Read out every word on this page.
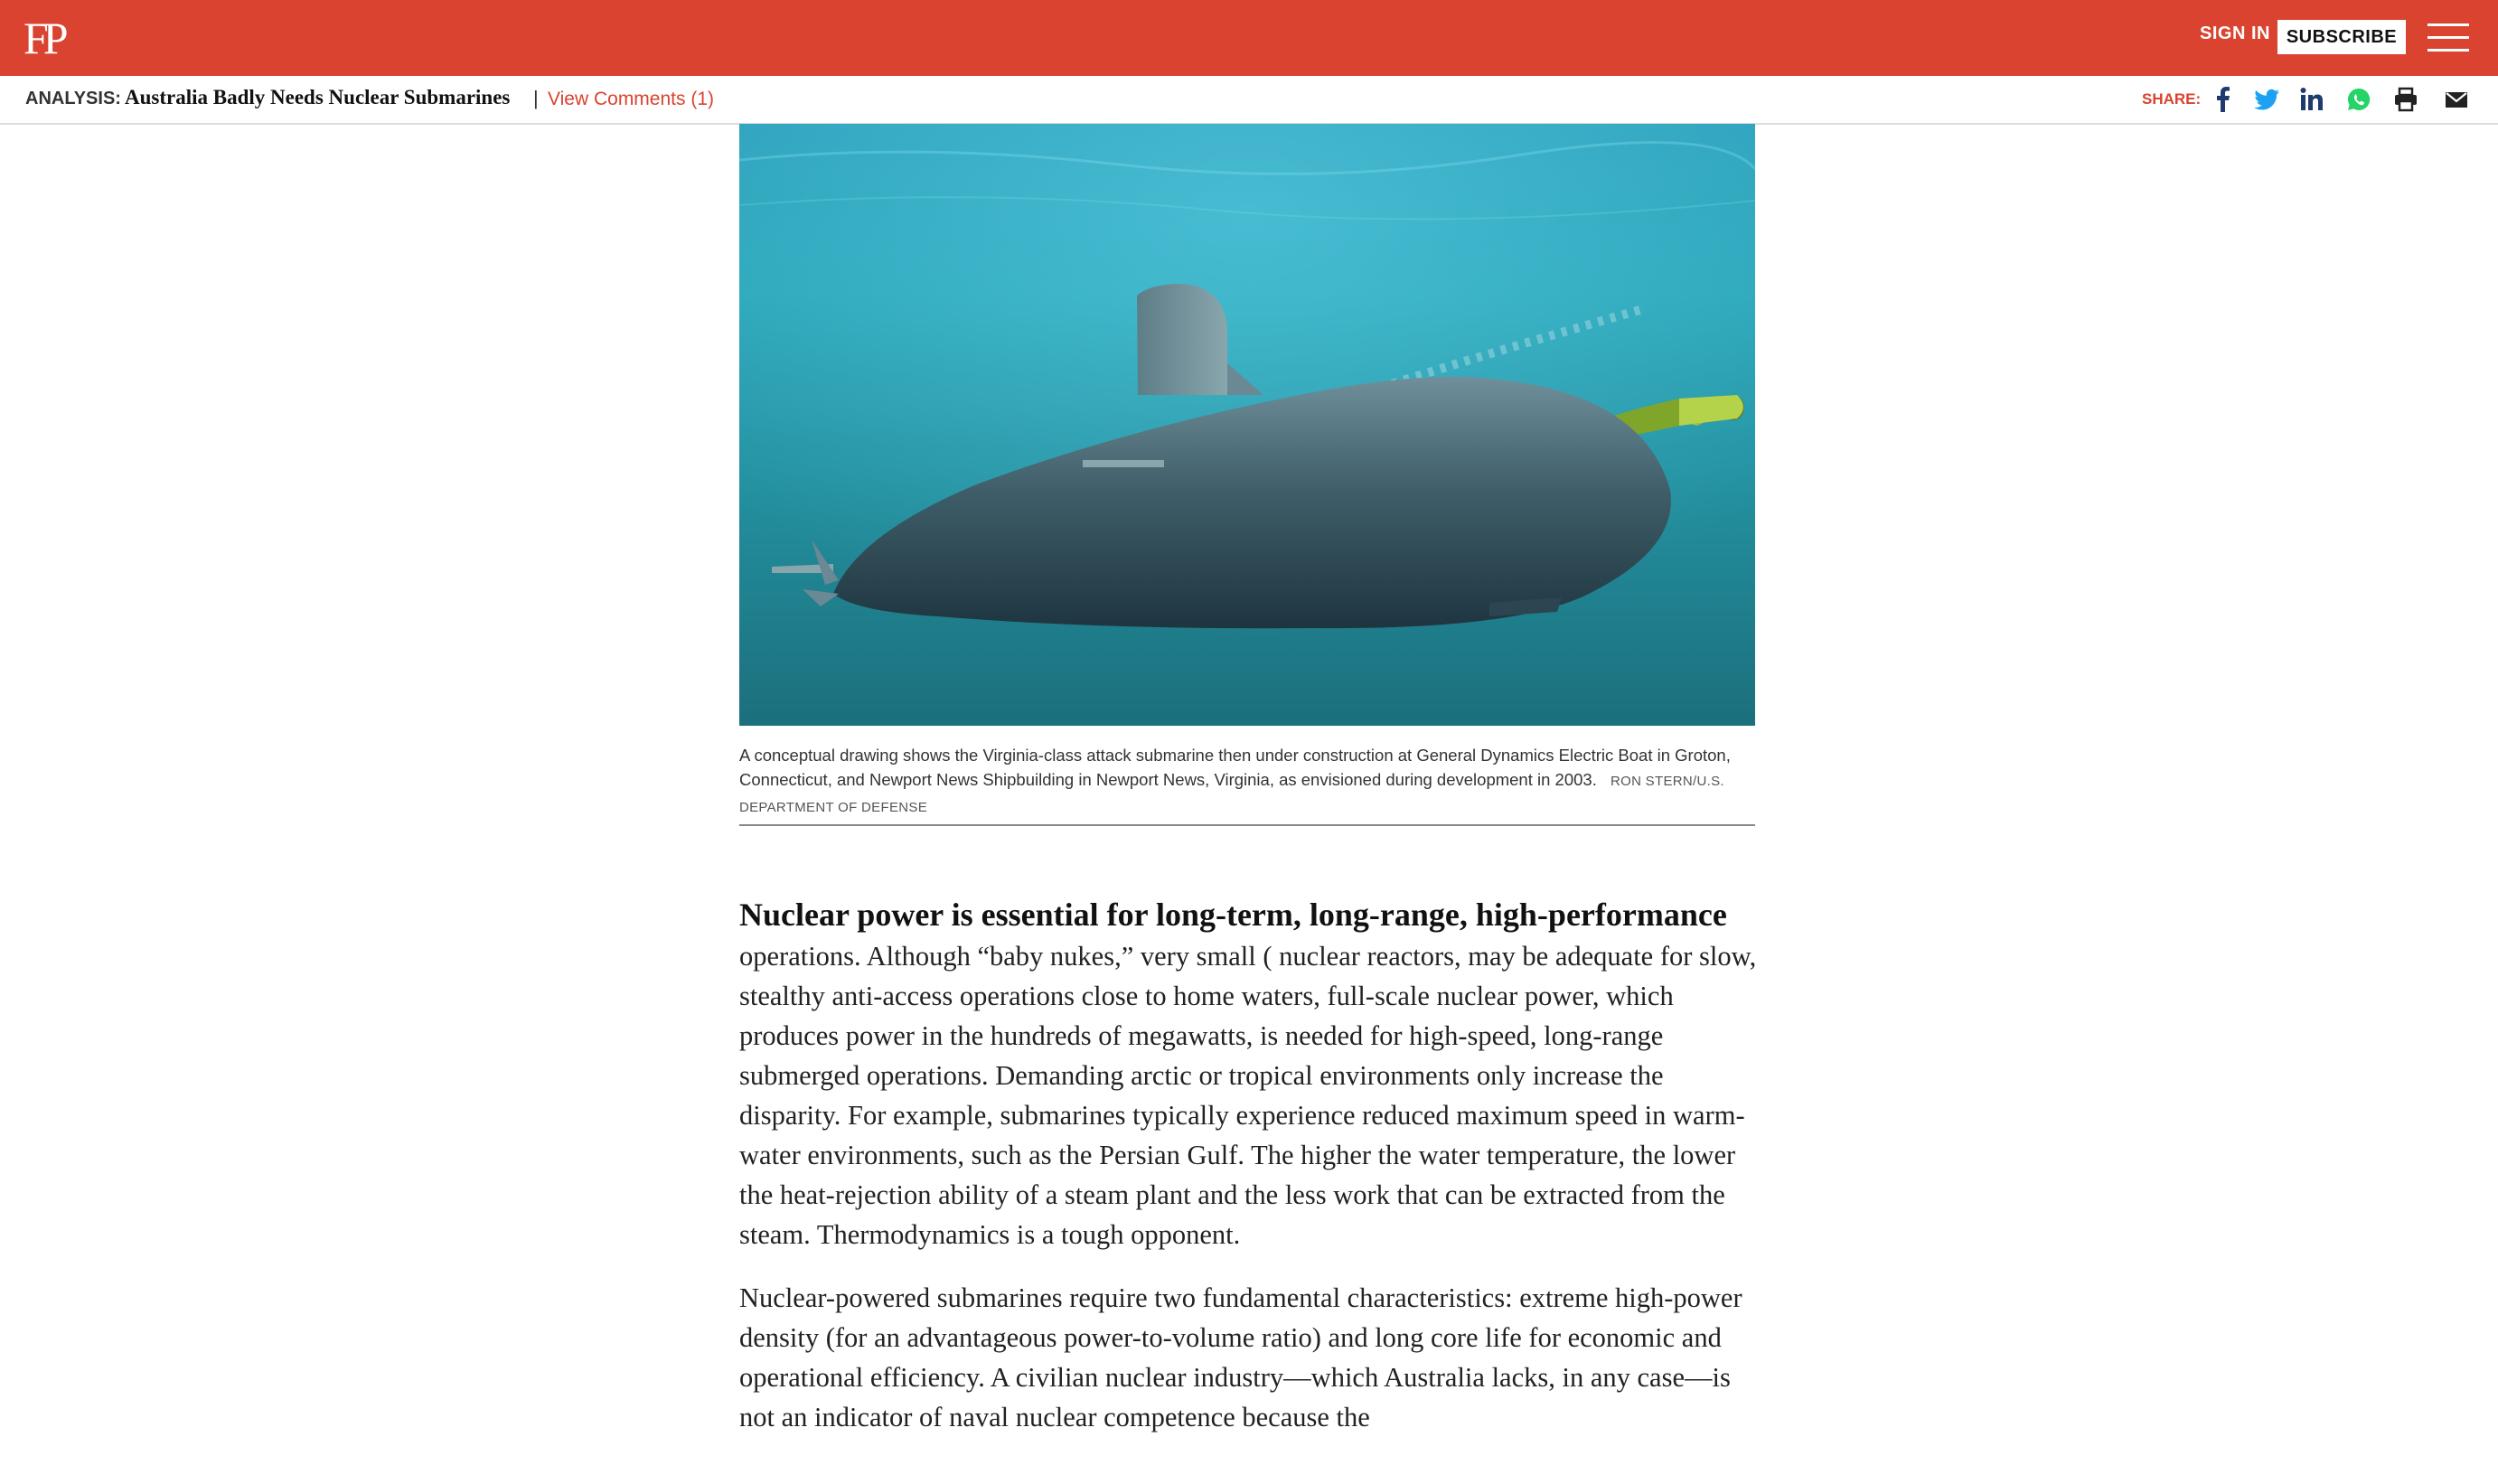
FP	SIGN IN SUBSCRIBE
ANALYSIS: Australia Badly Needs Nuclear Submarines | View Comments (1)	SHARE:
A conceptual drawing shows the Virginia-class attack submarine then under construction at General Dynamics Electric Boat in Groton, Connecticut, and Newport News Shipbuilding in Newport News, Virginia, as envisioned during development in 2003. RON STERN/U.S. DEPARTMENT OF DEFENSE

Nuclear power is essential for long-term, long-range, high-performance operations. Although “baby nukes,” very small ( nuclear reactors, may be adequate for slow, stealthy anti-access operations close to home waters, full-scale nuclear power, which produces power in the hundreds of megawatts, is needed for high-speed, long-range submerged operations. Demanding arctic or tropical environments only increase the disparity. For example, submarines typically experience reduced maximum speed in warm-water environments, such as the Persian Gulf. The higher the water temperature, the lower the heat-rejection ability of a steam plant and the less work that can be extracted from the steam. Thermodynamics is a tough opponent.

Nuclear-powered submarines require two fundamental characteristics: extreme high-power density (for an advantageous power-to-volume ratio) and long core life for economic and operational efficiency. A civilian nuclear industry—which Australia lacks, in any case—is not an indicator of naval nuclear competence because the
